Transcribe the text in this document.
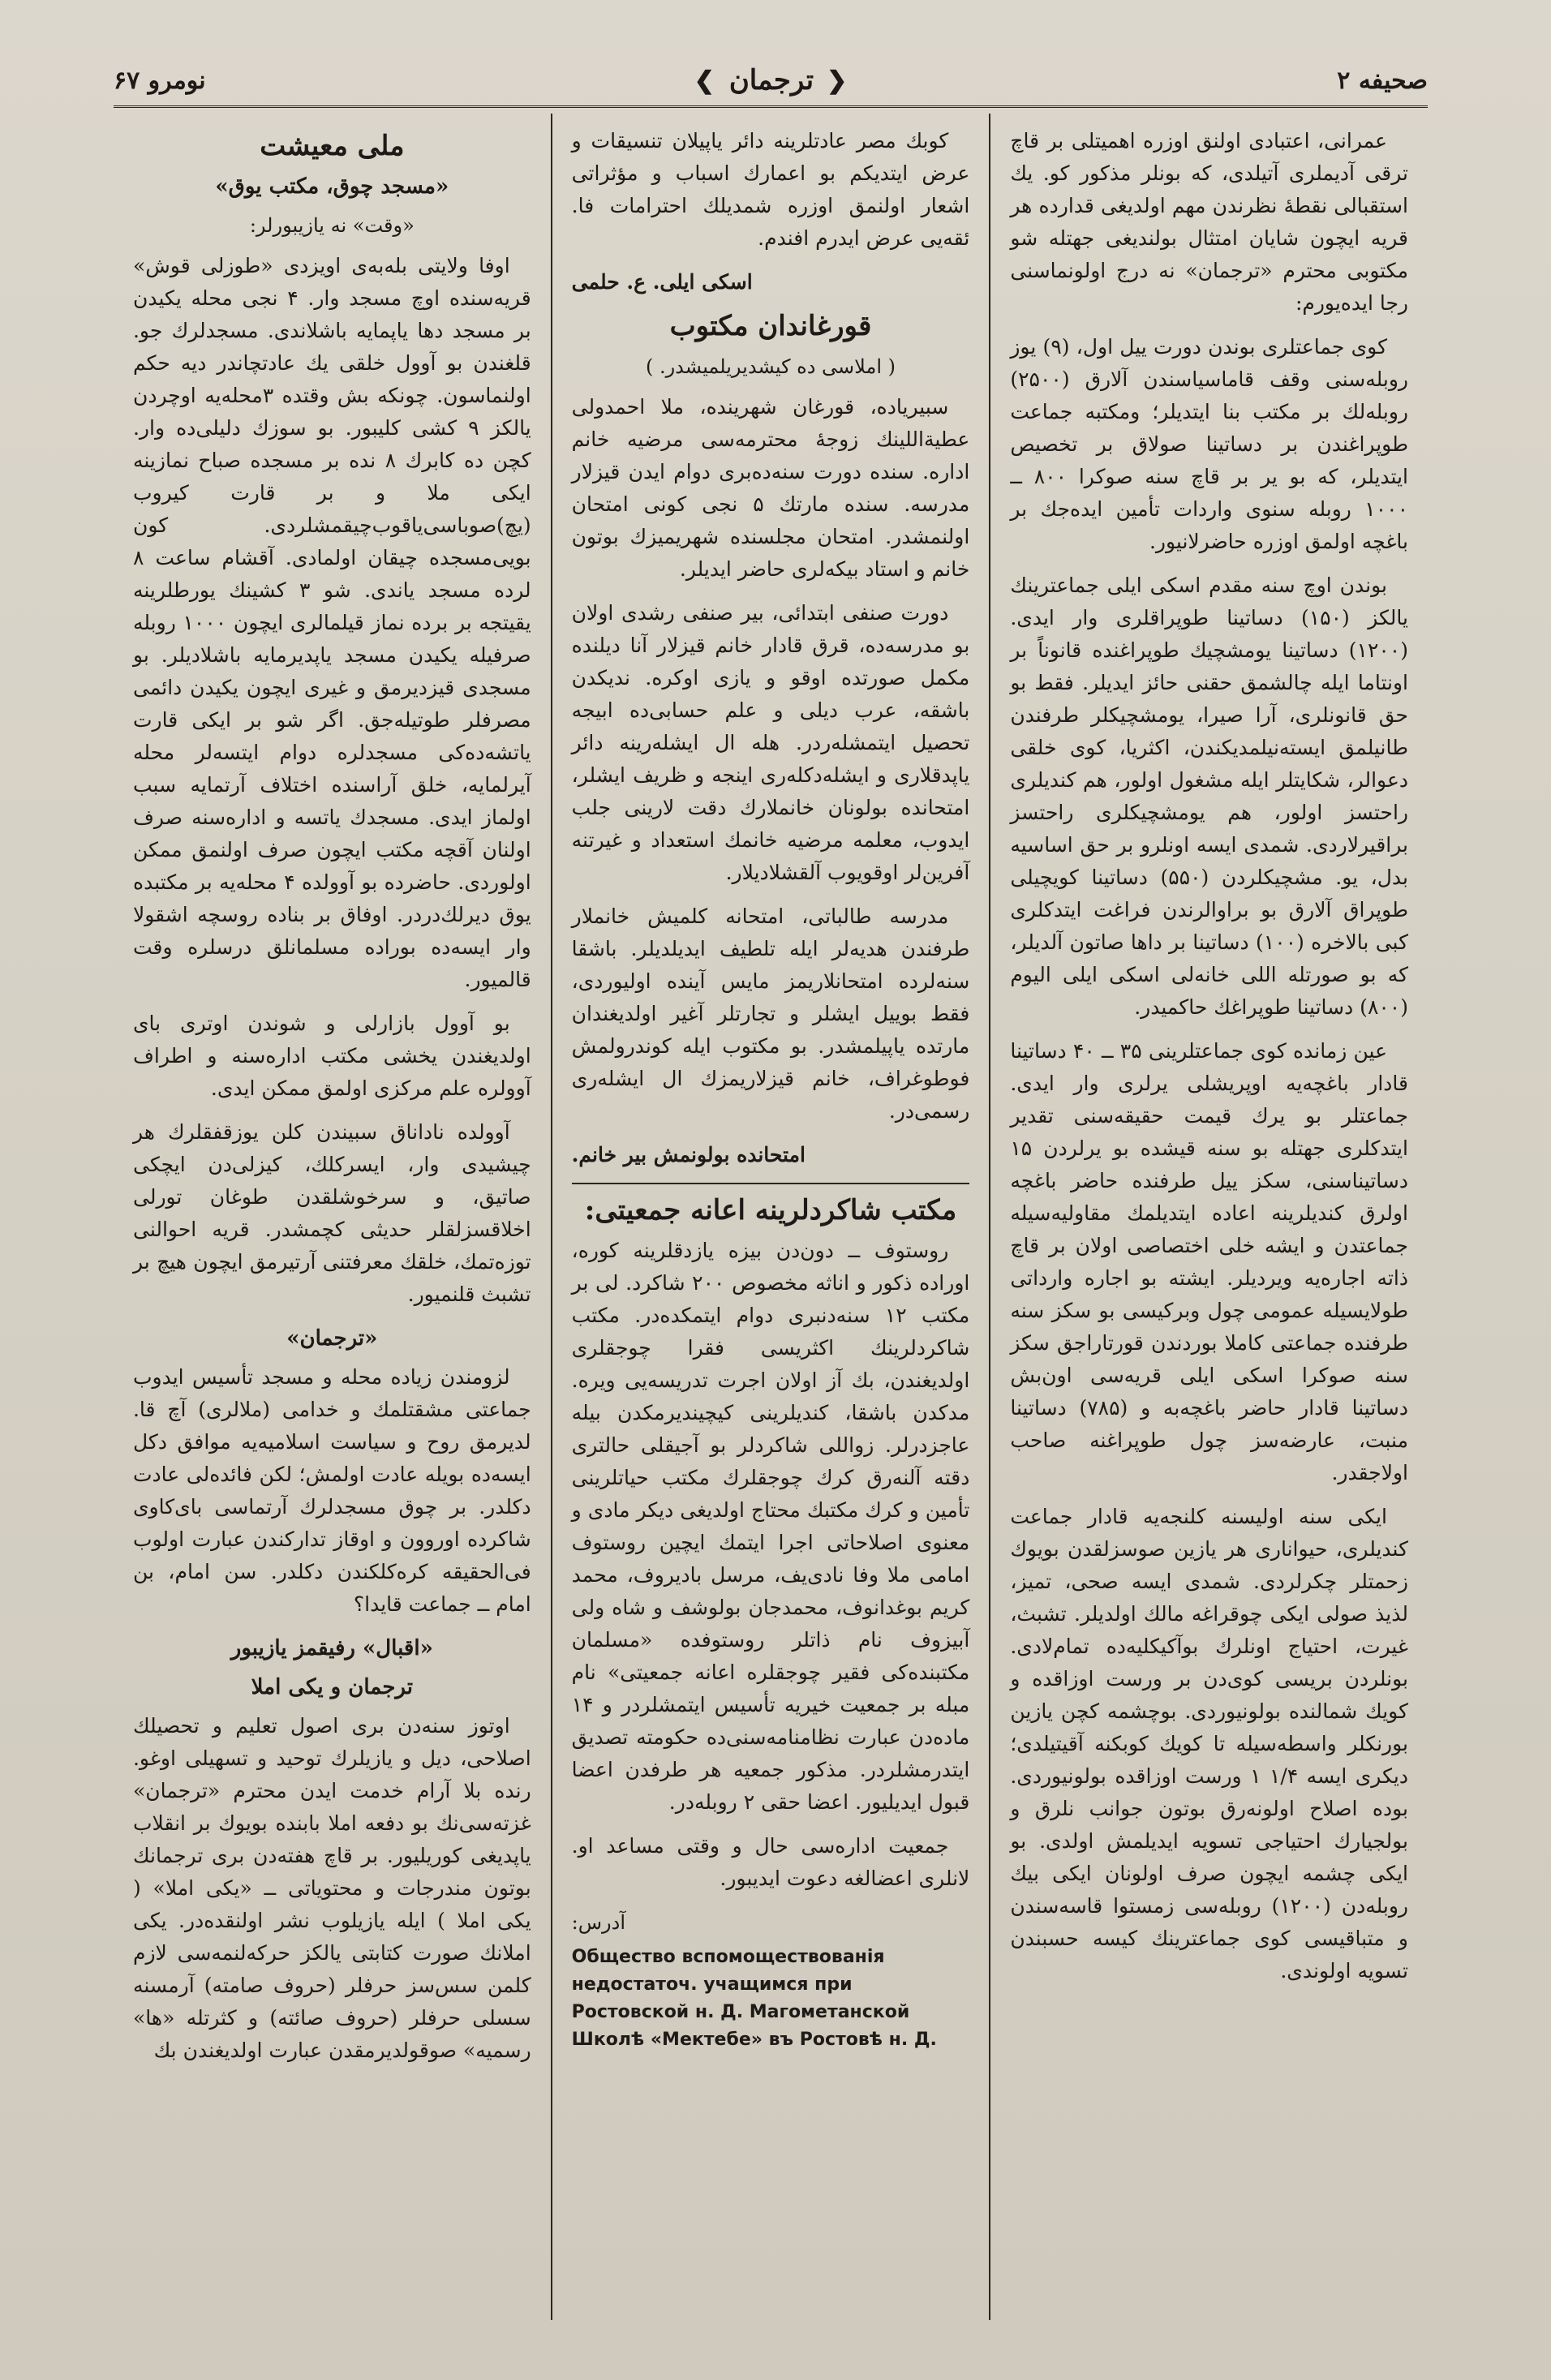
نومرو ۶۷	❮
ترجمان
❯	صحیفه ۲

عمرانی، اعتبادی اولنق اوزره اهمیتلی بر قاچ ترقی آدیملری آتیلدی، که بونلر مذکور کو. یك استقبالی نقطهٔ نظرندن مهم اولدیغی قدارده هر قریه ایچون شایان امتثال بولندیغی جهتله شو مکتوبی محترم «ترجمان» نه درج اولونماسنی رجا ایده‌یورم:

کوی جماعتلری بوندن دورت ییل اول، (۹) یوز روبله‌سنی وقف قاماسیاسندن آلارق (۲۵۰۰) روبله‌لك بر مکتب بنا ایتدیلر؛ ومکتبه جماعت طوپراغندن بر دساتینا صولاق بر تخصیص ایتدیلر، که بو یر بر قاچ سنه صوکرا ۸۰۰ ــ ۱۰۰۰ روبله سنوی واردات تأمین ایده‌جك بر باغچه اولمق اوزره حاضرلانیور.

بوندن اوچ سنه مقدم اسکی ایلی جماعترینك یالکز (۱۵۰) دساتینا طوپراقلری وار ایدی. (۱۲۰۰) دساتینا یومشچیك طوپراغنده قانوناً بر اونتاما ایله چالشمق حقنی حائز ایدیلر. فقط بو حق قانونلری، آرا صیرا، یومشچیکلر طرفندن طانیلمق ایسته‌نیلمدیکندن، اکثریا، کوی خلقی دعوالر، شکایتلر ایله مشغول اولور، هم کندیلری راحتسز اولور، هم یومشچیکلری راحتسز براقیرلاردی. شمدی ایسه اونلرو بر حق اساسیه بدل، یو. مشچیکلردن (۵۵۰) دساتینا کویچیلی طوپراق آلارق بو براوالرندن فراغت ایتدکلری کبی بالاخره (۱۰۰) دساتینا بر داها صاتون آلدیلر، که بو صورتله اللی خانه‌لی اسکی ایلی الیوم (۸۰۰) دساتینا طوپراغك حاکمیدر.

عین زمانده کوی جماعتلرینی ۳۵ ــ ۴۰ دساتینا قادار باغچه‌یه اوپریشلی یرلری وار ایدی. جماعتلر بو یرك قیمت حقیقه‌سنی تقدیر ایتدکلری جهتله بو سنه قیشده بو یرلردن ۱۵ دساتیناسنی، سکز ییل طرفنده حاضر باغچه اولرق کندیلرینه اعاده ایتدیلمك مقاولیه‌سیله جماعتدن و ایشه خلی اختصاصی اولان بر قاچ ذاته اجاره‌یه ویردیلر. ایشته بو اجاره وارداتی طولایسیله عمومی چول وبرکیسی بو سکز سنه طرفنده جماعتی کاملا بوردندن قورتاراجق سکز سنه صوکرا اسکی ایلی قریه‌سی اون‌بش دساتینا قادار حاضر باغچه‌به و (۷۸۵) دساتینا منبت، عارضه‌سز چول طوپراغنه صاحب اولاجقدر.

ایکی سنه اولیسنه کلنجه‌یه قادار جماعت کندیلری، حیواناری هر یازین صوسزلقدن بویوك زحمتلر چکرلردی. شمدی ایسه صحی، تمیز، لذیذ صولی ایکی چوقراغه مالك اولدیلر. تشبث، غیرت، احتیاج اونلرك بوآکیکلیه‌ده تمام‌لادی. بونلردن بریسی کوی‌دن بر ورست اوزاقده و کویك شمالنده بولونیوردی. بوچشمه کچن یازین بورنکلر واسطه‌سیله تا کویك کوبکنه آقیتیلدی؛ دیکری ایسه ۱/۴ ۱ ورست اوزاقده بولونیوردی. بوده اصلاح اولونه‌رق بوتون جوانب نلرق و بولجیارك احتیاجی تسویه ایدیلمش اولدی. بو ایکی چشمه ایچون صرف اولونان ایکی بیك روبله‌دن (۱۲۰۰) روبله‌سی زمستوا قاسه‌سندن و متباقیسی کوی جماعترینك کیسه حسبندن تسویه اولوندی.

کوبك مصر عادتلرینه دائر یاپیلان تنسیقات و عرض ایتدیکم بو اعمارك اسباب و مؤثراتی اشعار اولنمق اوزره شمدیلك احترامات فا. ئقه‌یی عرض ایدرم افندم.

اسکی ایلی. ع. حلمی
قورغاندان مکتوب
( املاسی ده کیشدیریلمیشدر. )

سبیریاده، قورغان شهرینده، ملا احمدولی عطیة‌اللینك زوجهٔ محترمه‌سی مرضیه خانم اداره. سنده دورت سنه‌ده‌بری دوام ایدن قیزلار مدرسه. سنده مارتك ۵ نجی کونی امتحان اولنمشدر. امتحان مجلسنده شهریمیزك بوتون خانم و استاد بیکه‌لری حاضر ایدیلر.

دورت صنفی ابتدائی، بیر صنفی رشدی اولان بو مدرسه‌ده، قرق قادار خانم قیزلار آنا دیلنده مکمل صورتده اوقو و یازی اوکره. ندیکدن باشقه، عرب دیلی و علم حسابی‌ده ابیجه تحصیل ایتمشله‌ردر. هله ال ایشله‌رینه دائر یاپدقلاری و ایشله‌دکله‌ری اینجه و ظریف ایشلر، امتحانده بولونان خانملارك دقت لارینی جلب ایدوب، معلمه مرضیه خانمك استعداد و غیرتنه آفرین‌لر اوقویوب آلقشلادیلار.

مدرسه طالباتی، امتحانه کلمیش خانملار طرفندن هدیه‌لر ایله تلطیف ایدیلدیلر. باشقا سنه‌لرده امتحانلاریمز مایس آینده اولیوردی، فقط بوییل ایشلر و تجارتلر آغیر اولدیغندان مارتده یاپیلمشدر. بو مکتوب ایله کوندرولمش فوطوغراف، خانم قیزلاریمزك ال ایشله‌ری رسمی‌در.

امتحانده بولونمش بیر خانم.
مکتب شاکردلرینه اعانه جمعیتی:

روستوف ــ دون‌دن بیزه یازدقلرینه کوره، اوراده ذکور و اناثه مخصوص ۲۰۰ شاکرد. لی بر مکتب ۱۲ سنه‌دنبری دوام ایتمکده‌در. مکتب شاکردلرینك اکثریسی فقرا چوجقلری اولدیغندن، بك آز اولان اجرت تدریسه‌یی ویره. مدکدن باشقا، کندیلرینی کیچیندیرمکدن بیله عاجزدرلر. زواللی شاکردلر بو آجیقلی حالتری دقته آلنه‌رق کرك چوجقلرك مکتب حیاتلرینی تأمین و کرك مکتبك محتاج اولدیغی دیکر مادی و معنوی اصلاحاتی اجرا ایتمك ایچین روستوف امامی ملا وفا نادی‌یف، مرسل بادیروف، محمد کریم بوغدانوف، محمدجان بولوشف و شاه ولی آبیزوف نام ذاتلر روستوفده «مسلمان مکتبنده‌کی فقیر چوجقلره اعانه جمعیتی» نام مبله بر جمعیت خیریه تأسیس ایتمشلردر و ۱۴ ماده‌دن عبارت نظامنامه‌سنی‌ده حکومته تصدیق ایتدرمشلردر. مذکور جمعیه هر طرفدن اعضا قبول ایدیلیور. اعضا حقی ۲ روبله‌در.

جمعیت اداره‌سی حال و وقتی مساعد او. لانلری اعضالغه دعوت ایدیبور.

آدرس:
Общество вспомоществованія недостаточ. учащимся при Ростовской н. Д. Магометанской Школѣ «Мектебе» въ Ростовѣ н. Д.
ملی معیشت
«مسجد چوق، مکتب یوق»
«وقت» نه یازیبورلر:

اوفا ولایتی بله‌به‌ی اویزدی «طوزلی قوش» قریه‌سنده اوچ مسجد وار. ۴ نجی محله یکیدن بر مسجد دها یاپمایه باشلاندی. مسجدلرك جو. قلغندن بو آوول خلقی یك عادتچاندر دیه حکم اولنماسون. چونکه بش وقتده ۳محله‌یه اوچردن یالکز ۹ کشی کلیبور. بو سوزك دلیلی‌ده وار. کچن ده کابرك ۸ نده بر مسجده صباح نمازینه ایکی ملا و بر قارت کیروب (یچ)صوباسی‌یاقوب‌چیقمشلردی. کون بویی‌مسجده چیقان اولمادی. آقشام ساعت ۸ لرده مسجد یاندی. شو ۳ کشینك یورطلرینه یقیتجه بر برده نماز قیلمالری ایچون ۱۰۰۰ روبله صرفیله یکیدن مسجد یاپدیرمایه باشلادیلر. بو مسجدی قیزدیرمق و غیری ایچون یکیدن دائمی مصرفلر طوتیله‌جق. اگر شو بر ایکی قارت یاتشه‌ده‌کی مسجدلره دوام ایتسه‌لر محله آیرلمایه، خلق آراسنده اختلاف آرتمایه سبب اولماز ایدی. مسجدك یاتسه و اداره‌سنه صرف اولنان آقچه مکتب ایچون صرف اولنمق ممکن اولوردی. حاضرده بو آوولده ۴ محله‌یه بر مکتبده یوق دیرلك‌دردر. اوفاق بر بناده روسچه اشقولا وار ایسه‌ده بوراده مسلمانلق درسلره وقت قالمیور.

بو آوول بازارلی و شوندن اوتری بای اولدیغندن یخشی مکتب اداره‌سنه و اطراف آوولره علم مرکزی اولمق ممکن ایدی.

آوولده ناداناق سبیندن کلن یوزقفقلرك هر چیشیدی وار، ایسرکلك، کیزلی‌دن ایچکی صاتیق، و سرخوشلقدن طوغان تورلی اخلاقسزلقلر حدیثی کچمشدر. قریه احوالنی توزه‌تمك، خلقك معرفتنی آرتیرمق ایچون هیچ بر تشبث قلنمیور.

«ترجمان»

لزومندن زیاده محله و مسجد تأسیس ایدوب جماعتی مشقتلمك و خدامی (ملالری) آچ قا. لدیرمق روح و سیاست اسلامیه‌یه موافق دکل ایسه‌ده بویله عادت اولمش؛ لکن فائده‌لی عادت دکلدر. بر چوق مسجدلرك آرتماسی بای‌کاوی شاکرده اوروون و اوقاز تدارکندن عبارت اولوب فی‌الحقیقه کره‌کلکندن دکلدر. سن امام، بن امام ــ جماعت قایدا؟

«اقبال» رفیقمز یازیبور
ترجمان و یکی املا

اوتوز سنه‌دن بری اصول تعلیم و تحصیلك اصلاحی، دیل و یازیلرك توحید و تسهیلی اوغو. رنده بلا آرام خدمت ایدن محترم «ترجمان» غزته‌سی‌نك بو دفعه املا بابنده بویوك بر انقلاب یاپدیغی کوریلیور. بر قاچ هفته‌دن بری ترجمانك بوتون مندرجات و محتویاتی ــ «یکی املا» ( یکی املا ) ایله یازیلوب نشر اولنقده‌در. یکی املانك صورت کتابتی یالکز حرکه‌لنمه‌سی لازم کلمن سس‌سز حرفلر (حروف صامته) آرمسنه سسلی حرفلر (حروف صائته) و کثرتله «ها» رسمیه» صوقولدیرمقدن عبارت اولدیغندن بك
